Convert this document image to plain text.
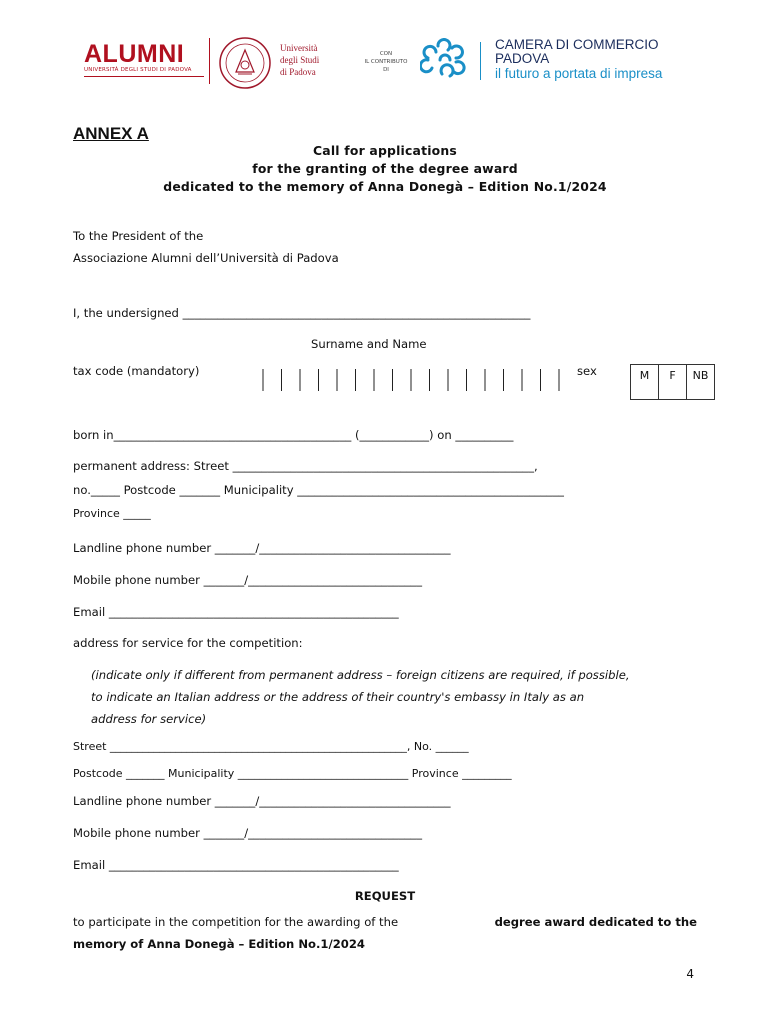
ALUMNI
UNIVERSITÀ DEGLI STUDI DI PADOVA
Università
degli Studi
di Padova
CON
IL CONTRIBUTO
DI
CAMERA DI COMMERCIO
PADOVA
il futuro a portata di impresa
ANNEX A
Call for applications
for the granting of the degree award
dedicated to the memory of Anna Donegà – Edition No.1/2024
To the President of the
Associazione Alumni dell’Università di Padova
I, the undersigned ____________________________________________________________
Surname and Name
tax code (mandatory)	sex	M	F	NB
born in_________________________________________ (____________) on __________
permanent address: Street ____________________________________________________,
no._____ Postcode _______ Municipality ______________________________________________
Province _____
Landline phone number _______/_________________________________
Mobile phone number _______/______________________________
Email __________________________________________________
address for service for the competition:
(indicate only if different from permanent address – foreign citizens are required, if possible,
to indicate an Italian address or the address of their country's embassy in Italy as an
address for service)
Street ______________________________________________________, No. ______
Postcode _______ Municipality _______________________________ Province _________
Landline phone number _______/_________________________________
Mobile phone number _______/______________________________
Email __________________________________________________
REQUEST
to participate in the competition for the awarding of the	degree award dedicated to the
memory of Anna Donegà – Edition No.1/2024
4
